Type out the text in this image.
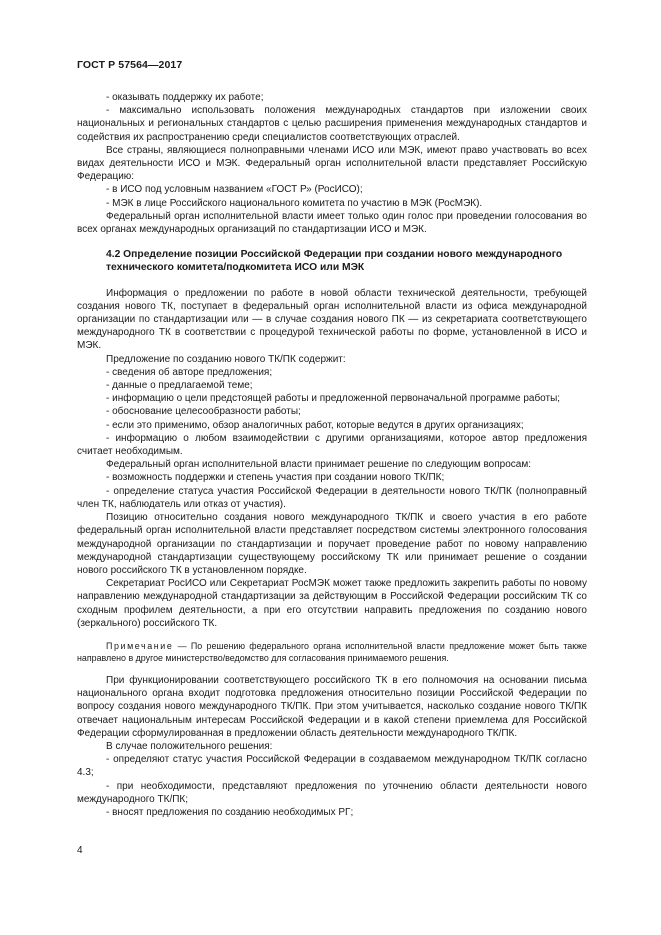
ГОСТ Р 57564—2017

- оказывать поддержку их работе;

- максимально использовать положения международных стандартов при изложении своих национальных и региональных стандартов с целью расширения применения международных стандартов и содействия их распространению среди специалистов соответствующих отраслей.

Все страны, являющиеся полноправными членами ИСО или МЭК, имеют право участвовать во всех видах деятельности ИСО и МЭК. Федеральный орган исполнительной власти представляет Российскую Федерацию:

- в ИСО под условным названием «ГОСТ Р» (РосИСО);

- МЭК в лице Российского национального комитета по участию в МЭК (РосМЭК).

Федеральный орган исполнительной власти имеет только один голос при проведении голосования во всех органах международных организаций по стандартизации ИСО и МЭК.

4.2 Определение позиции Российской Федерации при создании нового международного технического комитета/подкомитета ИСО или МЭК

Информация о предложении по работе в новой области технической деятельности, требующей создания нового ТК, поступает в федеральный орган исполнительной власти из офиса международной организации по стандартизации или — в случае создания нового ПК — из секретариата соответствующего международного ТК в соответствии с процедурой технической работы по форме, установленной в ИСО и МЭК.

Предложение по созданию нового ТК/ПК содержит:

- сведения об авторе предложения;

- данные о предлагаемой теме;

- информацию о цели предстоящей работы и предложенной первоначальной программе работы;

- обоснование целесообразности работы;

- если это применимо, обзор аналогичных работ, которые ведутся в других организациях;

- информацию о любом взаимодействии с другими организациями, которое автор предложения считает необходимым.

Федеральный орган исполнительной власти принимает решение по следующим вопросам:

- возможность поддержки и степень участия при создании нового ТК/ПК;

- определение статуса участия Российской Федерации в деятельности нового ТК/ПК (полноправный член ТК, наблюдатель или отказ от участия).

Позицию относительно создания нового международного ТК/ПК и своего участия в его работе федеральный орган исполнительной власти представляет посредством системы электронного голосования международной организации по стандартизации и поручает проведение работ по новому направлению международной стандартизации существующему российскому ТК или принимает решение о создании нового российского ТК в установленном порядке.

Секретариат РосИСО или Секретариат РосМЭК может также предложить закрепить работы по новому направлению международной стандартизации за действующим в Российской Федерации российским ТК со сходным профилем деятельности, а при его отсутствии направить предложения по созданию нового (зеркального) российского ТК.

Примечание — По решению федерального органа исполнительной власти предложение может быть также направлено в другое министерство/ведомство для согласования принимаемого решения.

При функционировании соответствующего российского ТК в его полномочия на основании письма национального органа входит подготовка предложения относительно позиции Российской Федерации по вопросу создания нового международного ТК/ПК. При этом учитывается, насколько создание нового ТК/ПК отвечает национальным интересам Российской Федерации и в какой степени приемлема для Российской Федерации сформулированная в предложении область деятельности международного ТК/ПК.

В случае положительного решения:

- определяют статус участия Российской Федерации в создаваемом международном ТК/ПК согласно 4.3;

- при необходимости, представляют предложения по уточнению области деятельности нового международного ТК/ПК;

- вносят предложения по созданию необходимых РГ;

4
